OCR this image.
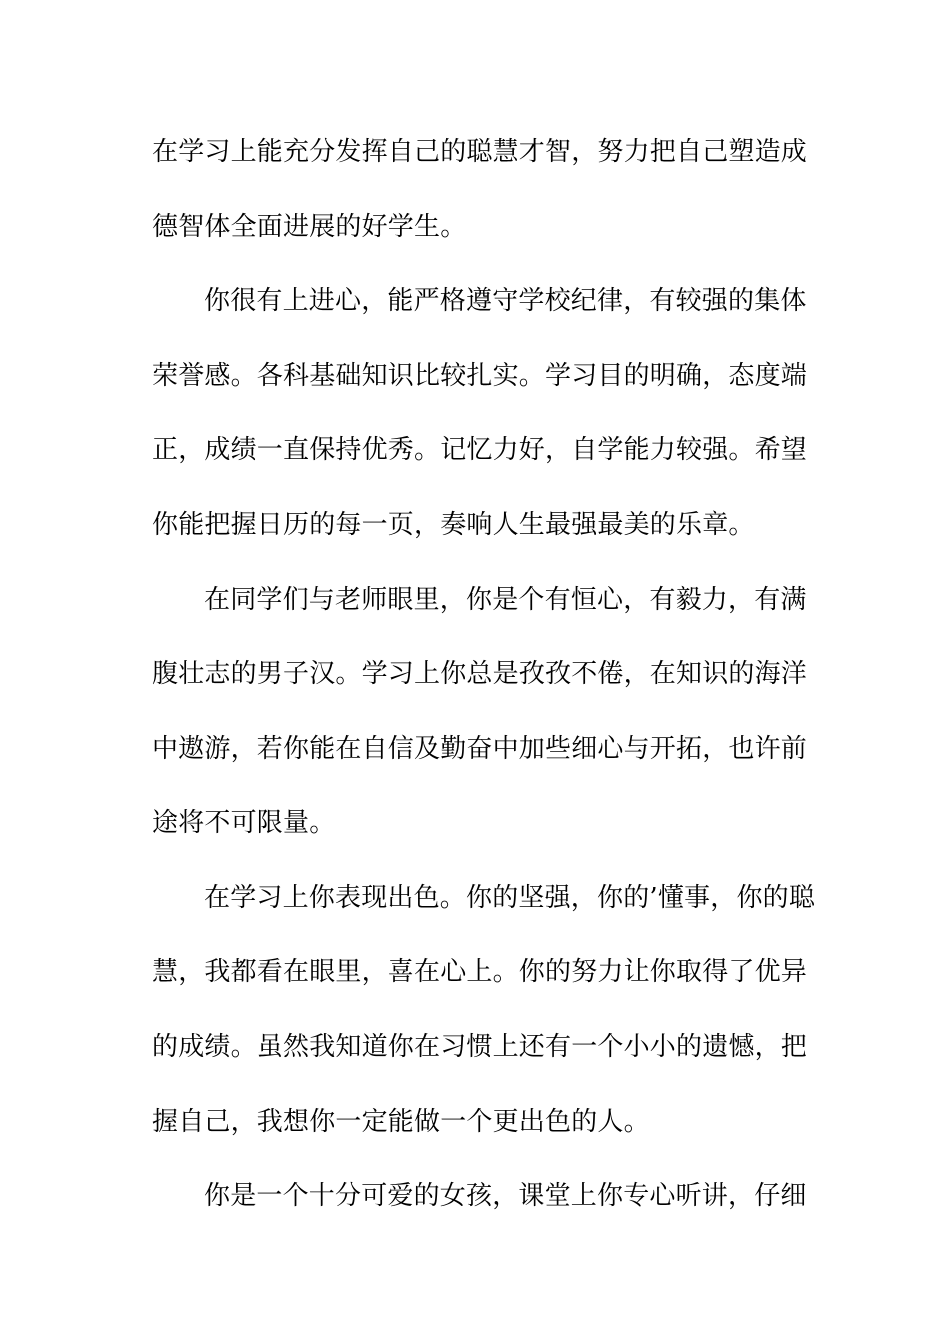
在学习上能充分发挥自己的聪慧才智，努力把自己塑造成
德智体全面进展的好学生。
你很有上进心，能严格遵守学校纪律，有较强的集体
荣誉感。各科基础知识比较扎实。学习目的明确，态度端
正，成绩一直保持优秀。记忆力好，自学能力较强。希望
你能把握日历的每一页，奏响人生最强最美的乐章。
在同学们与老师眼里，你是个有恒心，有毅力，有满
腹壮志的男子汉。学习上你总是孜孜不倦，在知识的海洋
中遨游，若你能在自信及勤奋中加些细心与开拓，也许前
途将不可限量。
在学习上你表现出色。你的坚强，你的’懂事，你的聪
慧，我都看在眼里，喜在心上。你的努力让你取得了优异
的成绩。虽然我知道你在习惯上还有一个小小的遗憾，把
握自己，我想你一定能做一个更出色的人。
你是一个十分可爱的女孩，课堂上你专心听讲，仔细
